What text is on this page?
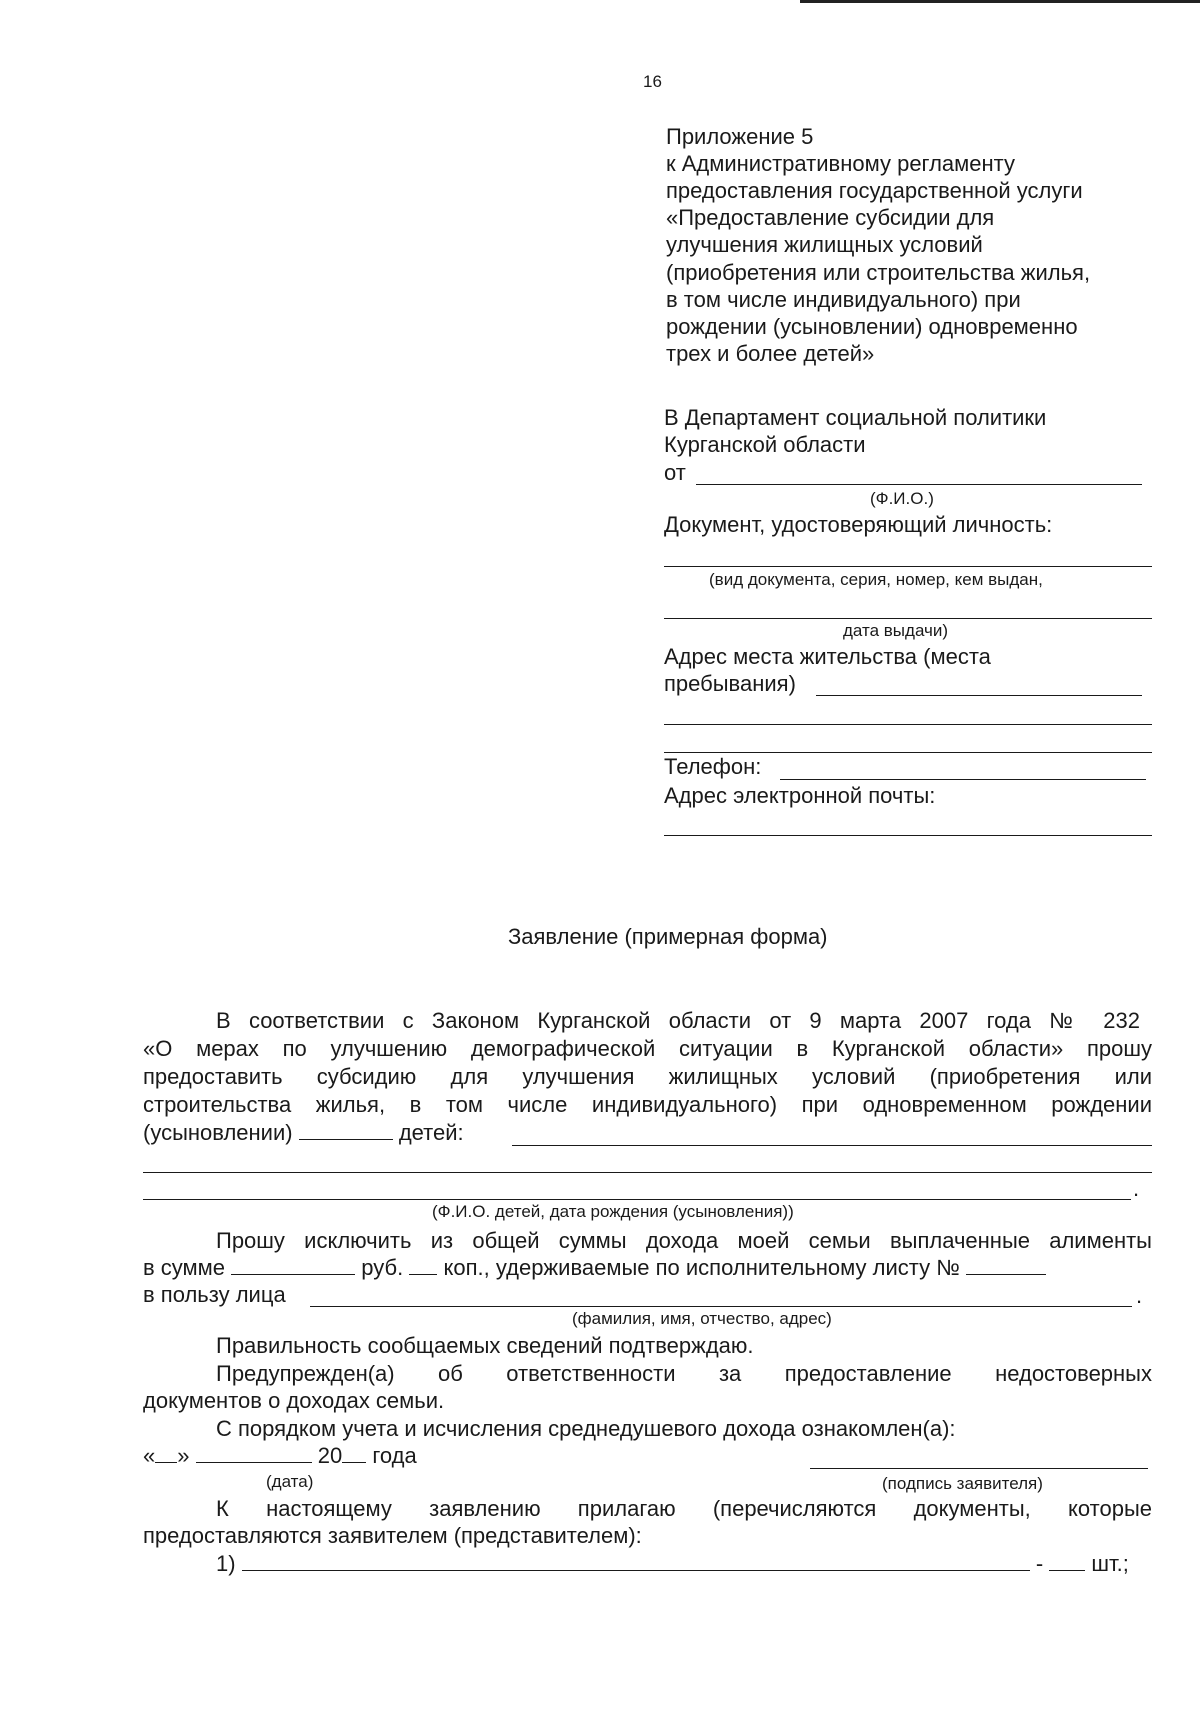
16
Приложение 5
к Административному регламенту
предоставления государственной услуги
«Предоставление субсидии для
улучшения жилищных условий
(приобретения или строительства жилья,
в том числе индивидуального) при
рождении (усыновлении) одновременно
трех и более детей»
В Департамент социальной политики
Курганской области
от
(Ф.И.О.)
Документ, удостоверяющий личность:
(вид документа, серия, номер, кем выдан,
дата выдачи)
Адрес места жительства (места
пребывания)
Телефон:
Адрес электронной почты:
Заявление (примерная форма)
В соответствии с Законом Курганской области от 9 марта 2007 года № 232
«О мерах по улучшению демографической ситуации в Курганской области» прошу
предоставить субсидию для улучшения жилищных условий (приобретения или
строительства жилья, в том числе индивидуального) при одновременном рождении
(усыновлении)	детей:
.
(Ф.И.О. детей, дата рождения (усыновления))
Прошу исключить из общей суммы дохода моей семьи выплаченные алименты
в сумме	руб. коп., удерживаемые по исполнительному листу №
в пользу лица	.
(фамилия, имя, отчество, адрес)
Правильность сообщаемых сведений подтверждаю.
Предупрежден(а) об ответственности за предоставление недостоверных
документов о доходах семьи.
С порядком учета и исчисления среднедушевого дохода ознакомлен(а):
« »	20 года
(дата)	(подпись заявителя)
К настоящему заявлению прилагаю (перечисляются документы, которые
предоставляются заявителем (представителем):
1)	- шт.;
